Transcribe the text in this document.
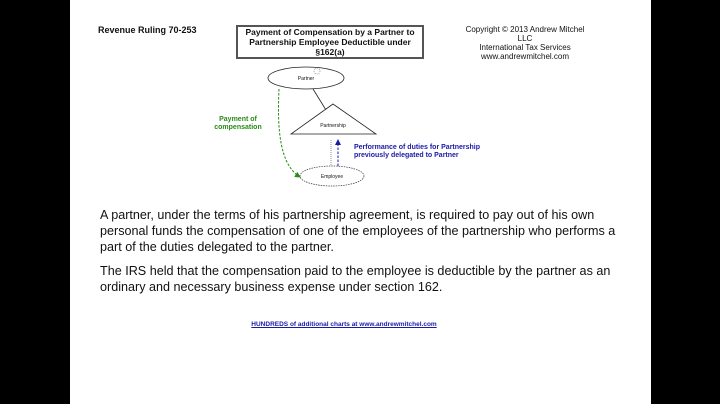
Revenue Ruling 70-253	Payment of Compensation by a Partner to
Partnership Employee Deductible under §162(a)
Copyright © 2013 Andrew Mitchel LLC
International Tax Services
www.andrewmitchel.com
Partner
Partnership
Employee
Payment of
compensation
Performance of duties for Partnership
previously delegated to Partner

A partner, under the terms of his partnership agreement, is required to pay out of his own personal funds the compensation of one of the employees of the partnership who performs a part of the duties delegated to the partner.

The IRS held that the compensation paid to the employee is deductible by the partner as an ordinary and necessary business expense under section 162.

HUNDREDS of additional charts at www.andrewmitchel.com
